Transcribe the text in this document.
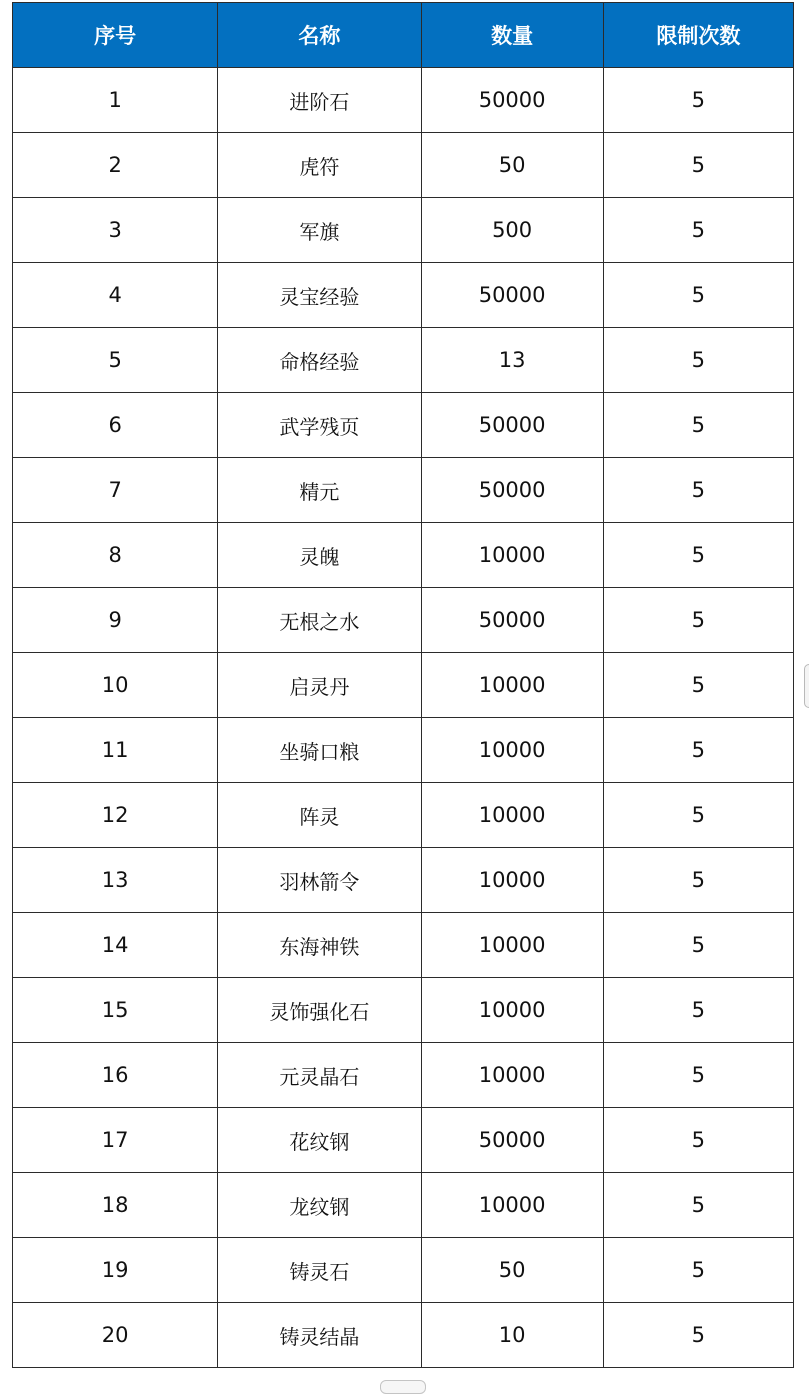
序号	名称	数量	限制次数
1	进阶石	50000	5
2	虎符	50	5
3	军旗	500	5
4	灵宝经验	50000	5
5	命格经验	13	5
6	武学残页	50000	5
7	精元	50000	5
8	灵魄	10000	5
9	无根之水	50000	5
10	启灵丹	10000	5
11	坐骑口粮	10000	5
12	阵灵	10000	5
13	羽林箭令	10000	5
14	东海神铁	10000	5
15	灵饰强化石	10000	5
16	元灵晶石	10000	5
17	花纹钢	50000	5
18	龙纹钢	10000	5
19	铸灵石	50	5
20	铸灵结晶	10	5
